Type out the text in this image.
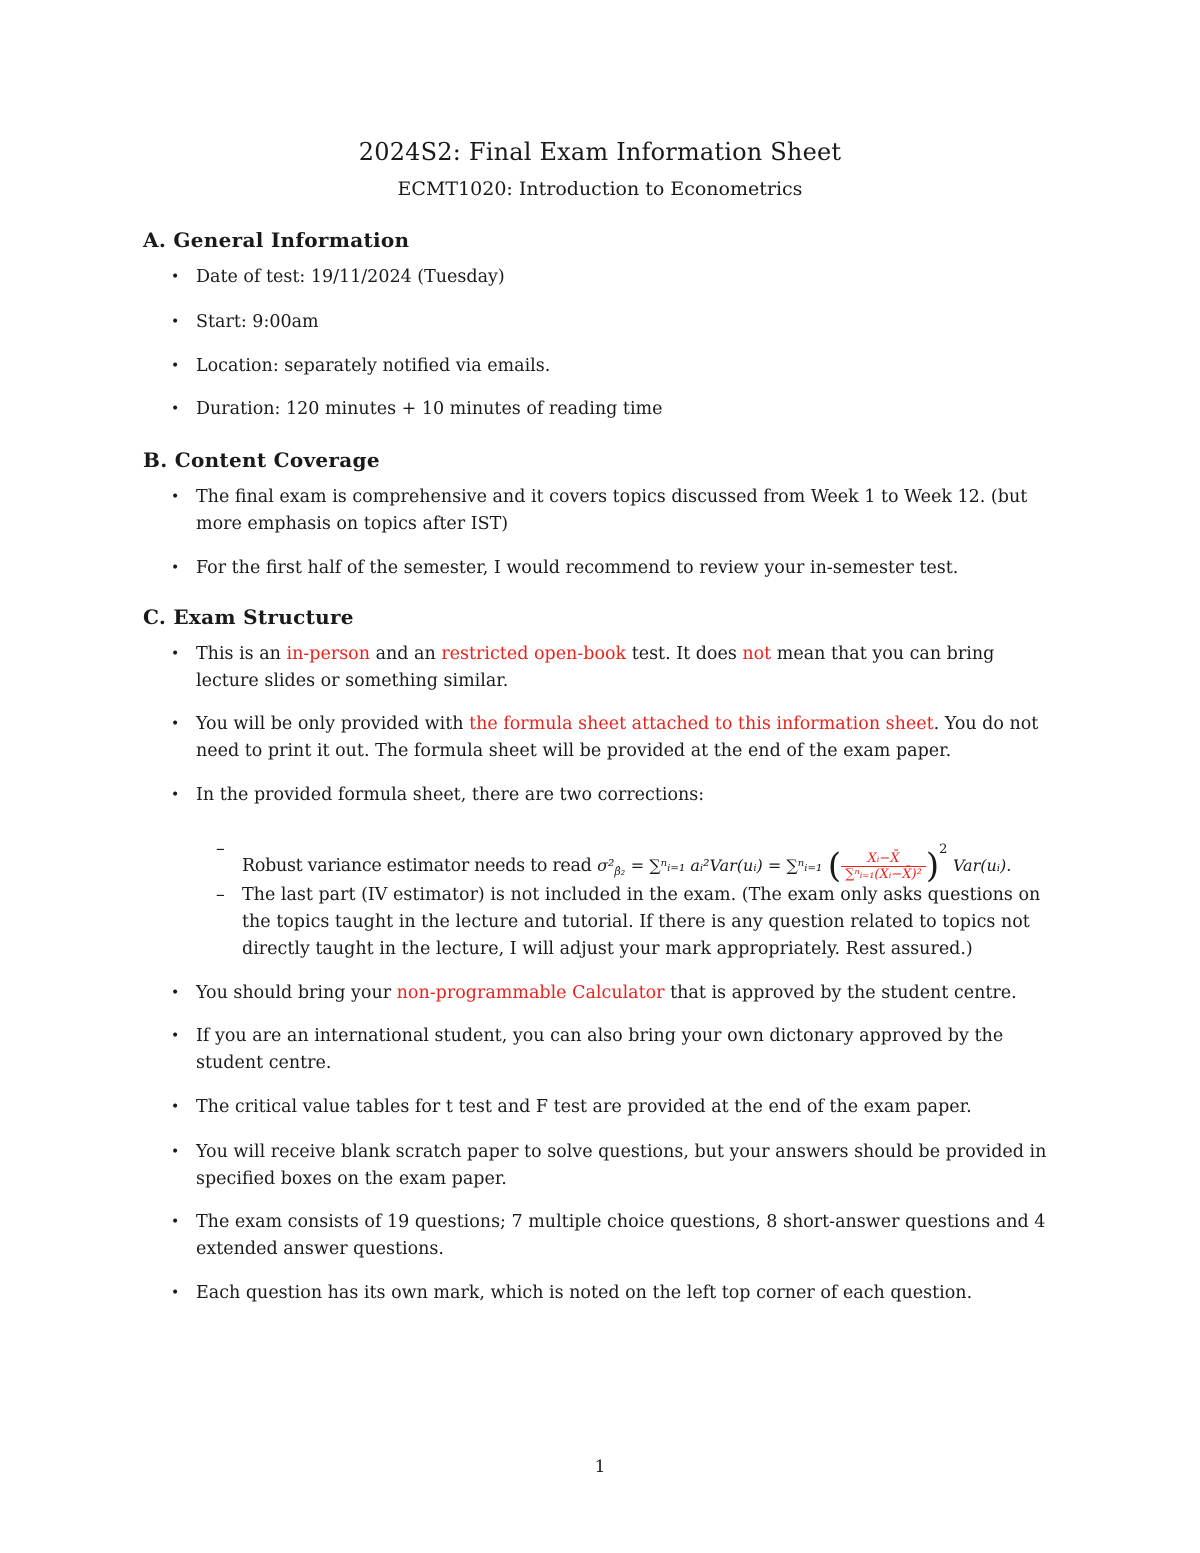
2024S2: Final Exam Information Sheet
ECMT1020: Introduction to Econometrics
A. General Information
• Date of test: 19/11/2024 (Tuesday)
• Start: 9:00am
• Location: separately notified via emails.
• Duration: 120 minutes + 10 minutes of reading time
B. Content Coverage
• The final exam is comprehensive and it covers topics discussed from Week 1 to Week 12. (but more emphasis on topics after IST)
• For the first half of the semester, I would recommend to review your in-semester test.
C. Exam Structure
• This is an in-person and an restricted open-book test. It does not mean that you can bring lecture slides or something similar.
• You will be only provided with the formula sheet attached to this information sheet. You do not need to print it out. The formula sheet will be provided at the end of the exam paper.
• In the provided formula sheet, there are two corrections:
–
Robust variance estimator needs to read $\sigma^2_{\betâ_2}$ = ∑ⁿᵢ₌₁ aᵢ²Var(uᵢ) = ∑ⁿᵢ₌₁ ( $\frac{\text{Xᵢ−X̄}}{\text{∑ⁿᵢ₌₁(Xᵢ−X̄)²}} )^2$ Var(uᵢ).
– The last part (IV estimator) is not included in the exam. (The exam only asks questions on the topics taught in the lecture and tutorial. If there is any question related to topics not directly taught in the lecture, I will adjust your mark appropriately. Rest assured.)
• You should bring your non-programmable Calculator that is approved by the student centre.
• If you are an international student, you can also bring your own dictonary approved by the student centre.
• The critical value tables for t test and F test are provided at the end of the exam paper.
• You will receive blank scratch paper to solve questions, but your answers should be provided in specified boxes on the exam paper.
• The exam consists of 19 questions; 7 multiple choice questions, 8 short-answer questions and 4 extended answer questions.
• Each question has its own mark, which is noted on the left top corner of each question.
1
